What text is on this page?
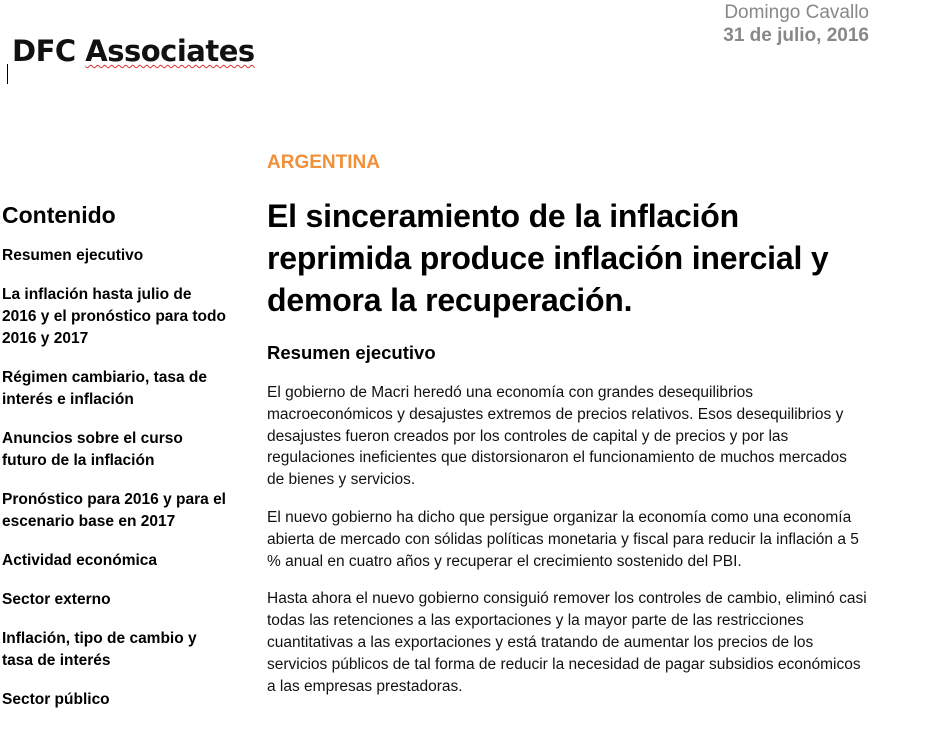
DFC Associates
Domingo Cavallo
31 de julio, 2016
Contenido
Resumen ejecutivo
La inflación hasta julio de 2016 y el pronóstico para todo 2016 y 2017
Régimen cambiario, tasa de interés e inflación
Anuncios sobre el curso futuro de la inflación
Pronóstico para 2016 y para el escenario base en 2017
Actividad económica
Sector externo
Inflación, tipo de cambio y tasa de interés
Sector público
ARGENTINA
El sinceramiento de la inflación reprimida produce inflación inercial y demora la recuperación.
Resumen ejecutivo

El gobierno de Macri heredó una economía con grandes desequilibrios macroeconómicos y desajustes extremos de precios relativos. Esos desequilibrios y desajustes fueron creados por los controles de capital y de precios y por las regulaciones ineficientes que distorsionaron el funcionamiento de muchos mercados de bienes y servicios.

El nuevo gobierno ha dicho que persigue organizar la economía como una economía abierta de mercado con sólidas políticas monetaria y fiscal para reducir la inflación a 5 % anual en cuatro años y recuperar el crecimiento sostenido del PBI.

Hasta ahora el nuevo gobierno consiguió remover los controles de cambio, eliminó casi todas las retenciones a las exportaciones y la mayor parte de las restricciones cuantitativas a las exportaciones y está tratando de aumentar los precios de los servicios públicos de tal forma de reducir la necesidad de pagar subsidios económicos a las empresas prestadoras.
